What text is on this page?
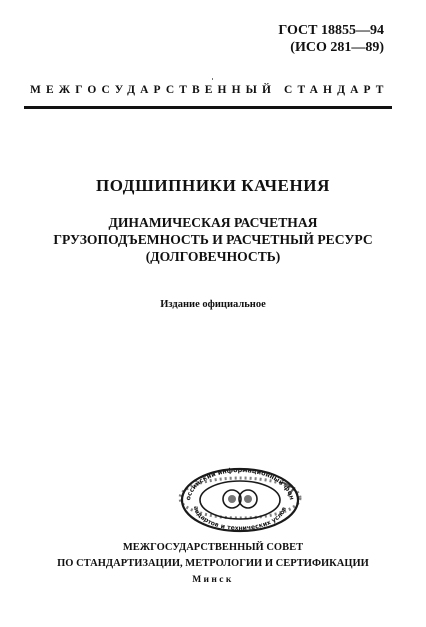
ГОСТ 18855—94
(ИСО 281—89)
МЕЖГОСУДАРСТВЕННЫЙ СТАНДАРТ
ПОДШИПНИКИ КАЧЕНИЯ
ДИНАМИЧЕСКАЯ РАСЧЕТНАЯ
ГРУЗОПОДЪЕМНОСТЬ И РАСЧЕТНЫЙ РЕСУРС
(ДОЛГОВЕЧНОСТЬ)
Издание официальное
оссийский информационный фон
андартов и технических услов
МЕЖГОСУДАРСТВЕННЫЙ СОВЕТ
ПО СТАНДАРТИЗАЦИИ, МЕТРОЛОГИИ И СЕРТИФИКАЦИИ
Минск
